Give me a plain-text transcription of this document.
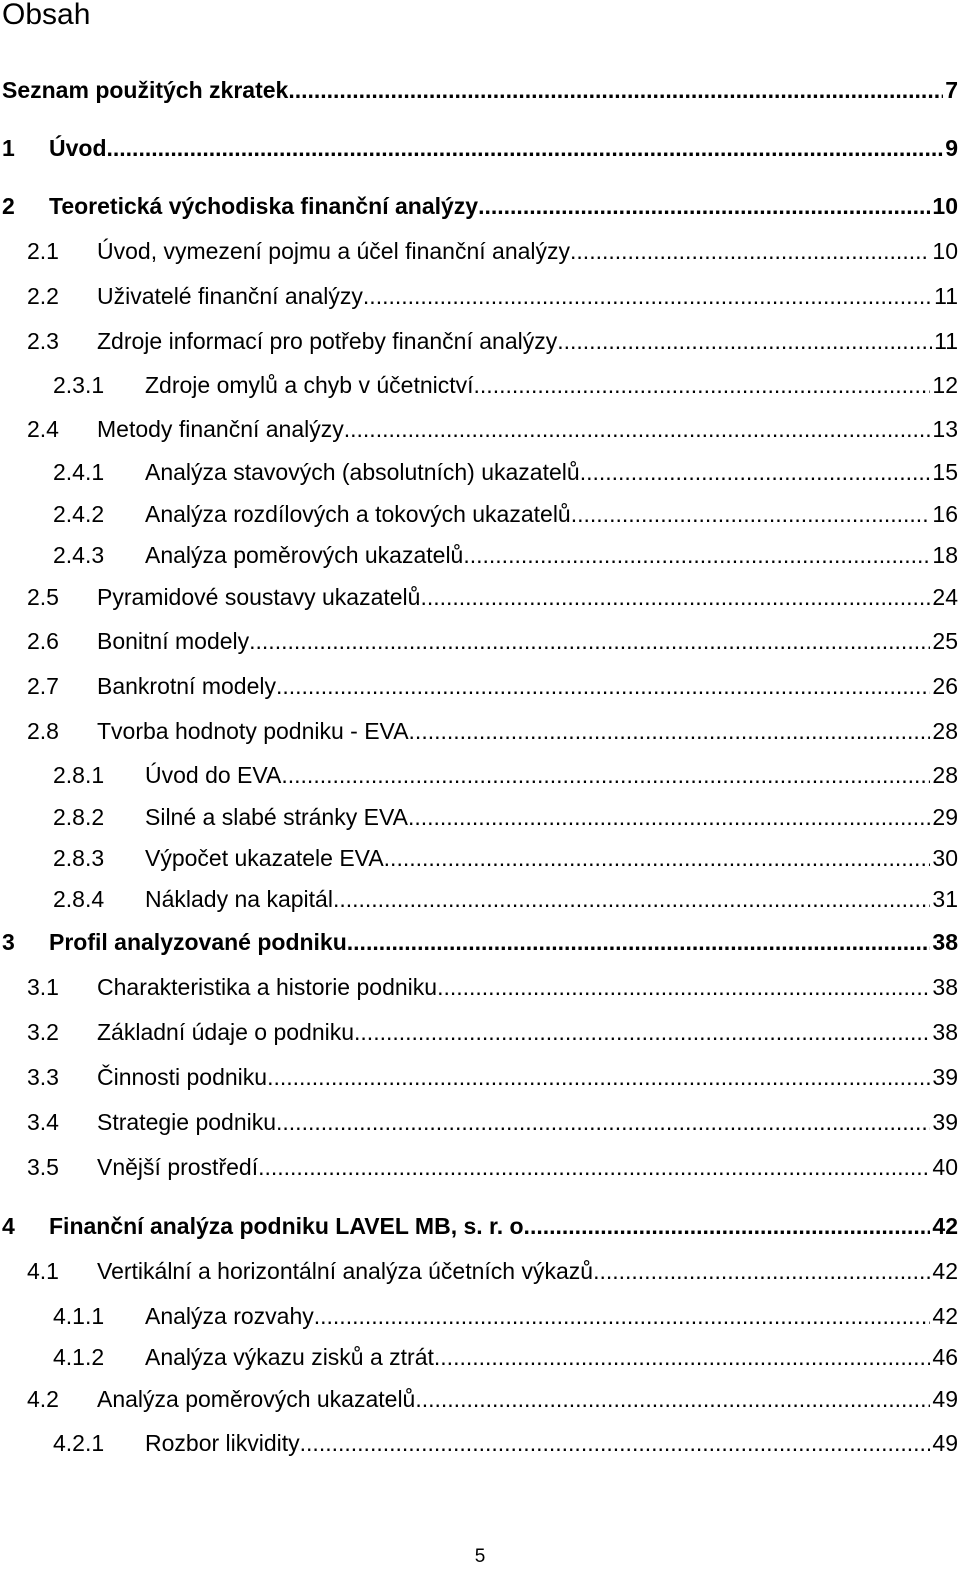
Obsah
Seznam použitých zkratek .....	7
1	Úvod .....	9
2	Teoretická východiska finanční analýzy .....	10
2.1	Úvod, vymezení pojmu a účel finanční analýzy .....	10
2.2	Uživatelé finanční analýzy .....	11
2.3	Zdroje informací pro potřeby finanční analýzy .....	11
2.3.1	Zdroje omylů a chyb v účetnictví .....	12
2.4	Metody finanční analýzy .....	13
2.4.1	Analýza stavových (absolutních) ukazatelů .....	15
2.4.2	Analýza rozdílových a tokových ukazatelů .....	16
2.4.3	Analýza poměrových ukazatelů .....	18
2.5	Pyramidové soustavy ukazatelů .....	24
2.6	Bonitní modely .....	25
2.7	Bankrotní modely .....	26
2.8	Tvorba hodnoty podniku - EVA .....	28
2.8.1	Úvod do EVA .....	28
2.8.2	Silné a slabé stránky EVA .....	29
2.8.3	Výpočet ukazatele EVA .....	30
2.8.4	Náklady na kapitál .....	31
3	Profil analyzované podniku .....	38
3.1	Charakteristika a historie podniku .....	38
3.2	Základní údaje o podniku .....	38
3.3	Činnosti podniku .....	39
3.4	Strategie podniku .....	39
3.5	Vnější prostředí .....	40
4	Finanční analýza podniku LAVEL MB, s. r. o. .....	42
4.1	Vertikální a horizontální analýza účetních výkazů .....	42
4.1.1	Analýza rozvahy .....	42
4.1.2	Analýza výkazu zisků a ztrát .....	46
4.2	Analýza poměrových ukazatelů .....	49
4.2.1	Rozbor likvidity .....	49
5
